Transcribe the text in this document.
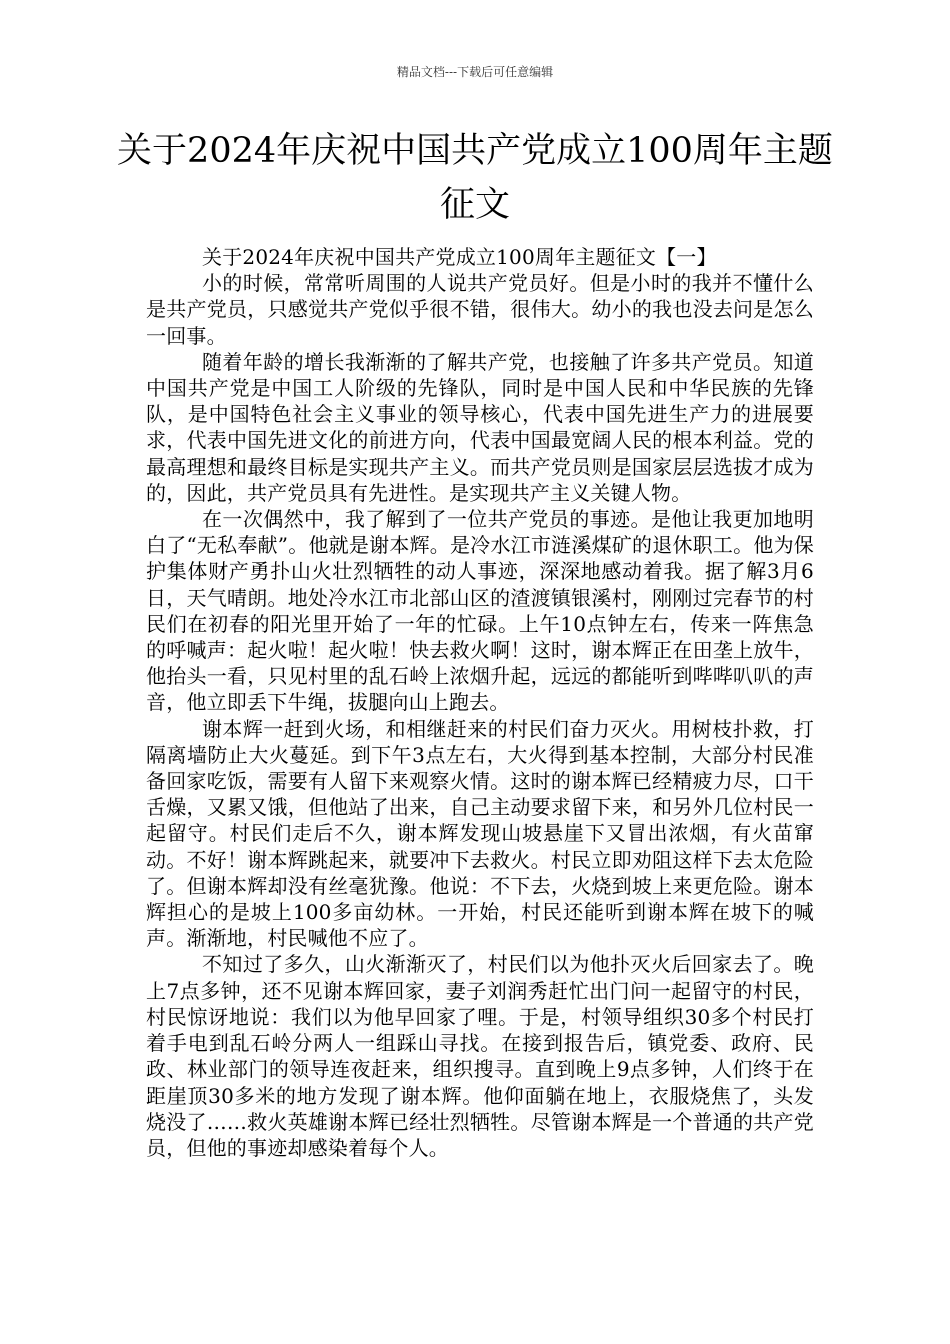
精品文档---下载后可任意编辑
关于2024年庆祝中国共产党成立100周年主题征文

关于2024年庆祝中国共产党成立100周年主题征文【一】

小的时候，常常听周围的人说共产党员好。但是小时的我并不懂什么是共产党员，只感觉共产党似乎很不错，很伟大。幼小的我也没去问是怎么一回事。

随着年龄的增长我渐渐的了解共产党，也接触了许多共产党员。知道中国共产党是中国工人阶级的先锋队，同时是中国人民和中华民族的先锋队，是中国特色社会主义事业的领导核心，代表中国先进生产力的进展要求，代表中国先进文化的前进方向，代表中国最宽阔人民的根本利益。党的最高理想和最终目标是实现共产主义。而共产党员则是国家层层选拔才成为的，因此，共产党员具有先进性。是实现共产主义关键人物。

在一次偶然中，我了解到了一位共产党员的事迹。是他让我更加地明白了“无私奉献”。他就是谢本辉。是冷水江市涟溪煤矿的退休职工。他为保护集体财产勇扑山火壮烈牺牲的动人事迹，深深地感动着我。据了解3月6日，天气晴朗。地处冷水江市北部山区的渣渡镇银溪村，刚刚过完春节的村民们在初春的阳光里开始了一年的忙碌。上午10点钟左右，传来一阵焦急的呼喊声：起火啦！起火啦！快去救火啊！这时，谢本辉正在田垄上放牛，他抬头一看，只见村里的乱石岭上浓烟升起，远远的都能听到哔哔叭叭的声音，他立即丢下牛绳，拔腿向山上跑去。

谢本辉一赶到火场，和相继赶来的村民们奋力灭火。用树枝扑救，打隔离墙防止大火蔓延。到下午3点左右，大火得到基本控制，大部分村民准备回家吃饭，需要有人留下来观察火情。这时的谢本辉已经精疲力尽，口干舌燥，又累又饿，但他站了出来，自己主动要求留下来，和另外几位村民一起留守。村民们走后不久，谢本辉发现山坡悬崖下又冒出浓烟，有火苗窜动。不好！谢本辉跳起来，就要冲下去救火。村民立即劝阻这样下去太危险了。但谢本辉却没有丝毫犹豫。他说：不下去，火烧到坡上来更危险。谢本辉担心的是坡上100多亩幼林。一开始，村民还能听到谢本辉在坡下的喊声。渐渐地，村民喊他不应了。

不知过了多久，山火渐渐灭了，村民们以为他扑灭火后回家去了。晚上7点多钟，还不见谢本辉回家，妻子刘润秀赶忙出门问一起留守的村民，村民惊讶地说：我们以为他早回家了哩。于是，村领导组织30多个村民打着手电到乱石岭分两人一组踩山寻找。在接到报告后，镇党委、政府、民政、林业部门的领导连夜赶来，组织搜寻。直到晚上9点多钟，人们终于在距崖顶30多米的地方发现了谢本辉。他仰面躺在地上，衣服烧焦了，头发烧没了……救火英雄谢本辉已经壮烈牺牲。尽管谢本辉是一个普通的共产党员，但他的事迹却感染着每个人。
